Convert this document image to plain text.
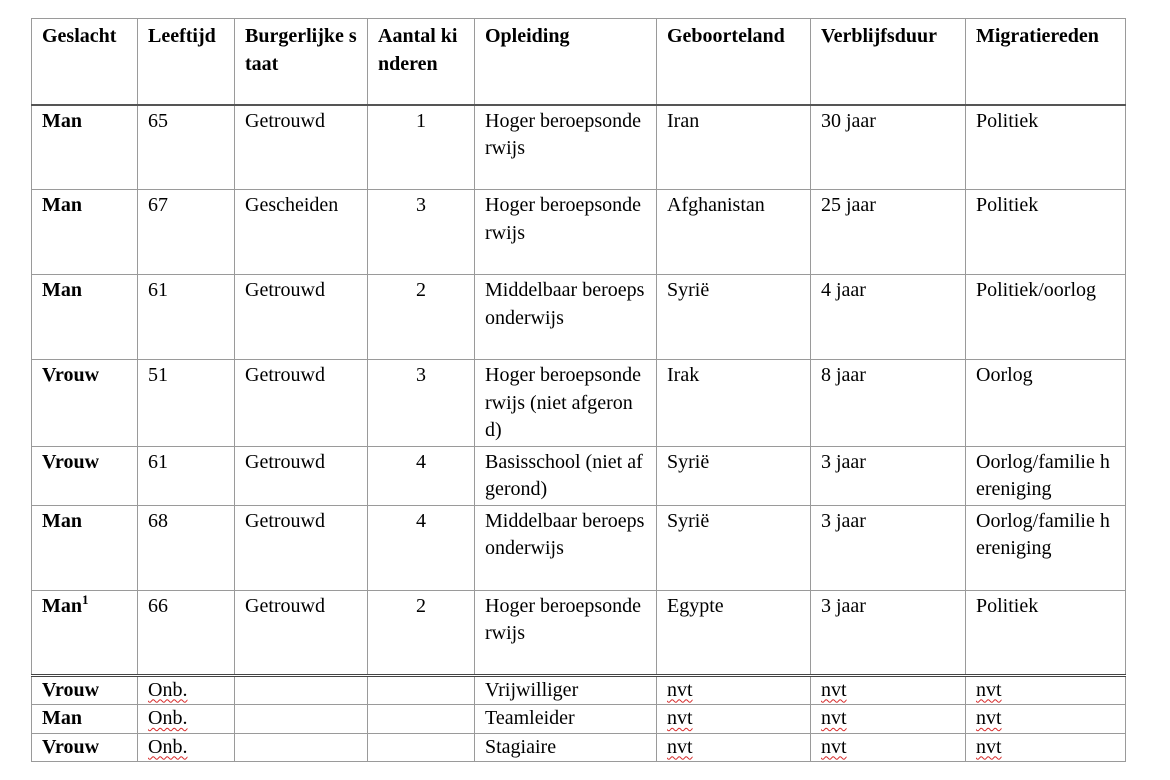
Geslacht	Leeftijd	Burgerlijke staat	Aantal kinderen	Opleiding	Geboorteland	Verblijfsduur	Migratiereden
Man	65	Getrouwd	1	Hoger beroepsonderwijs	Iran	30 jaar	Politiek
Man	67	Gescheiden	3	Hoger beroepsonderwijs	Afghanistan	25 jaar	Politiek
Man	61	Getrouwd	2	Middelbaar beroepsonderwijs	Syrië	4 jaar	Politiek/oorlog
Vrouw	51	Getrouwd	3	Hoger beroepsonderwijs (niet afgerond)	Irak	8 jaar	Oorlog
Vrouw	61	Getrouwd	4	Basisschool (niet afgerond)	Syrië	3 jaar	Oorlog/familie hereniging
Man	68	Getrouwd	4	Middelbaar beroepsonderwijs	Syrië	3 jaar	Oorlog/familie hereniging
Man$^1$	66	Getrouwd	2	Hoger beroepsonderwijs	Egypte	3 jaar	Politiek
Vrouw	Onb.			Vrijwilliger	nvt	nvt	nvt
Man	Onb.			Teamleider	nvt	nvt	nvt
Vrouw	Onb.			Stagiaire	nvt	nvt	nvt
